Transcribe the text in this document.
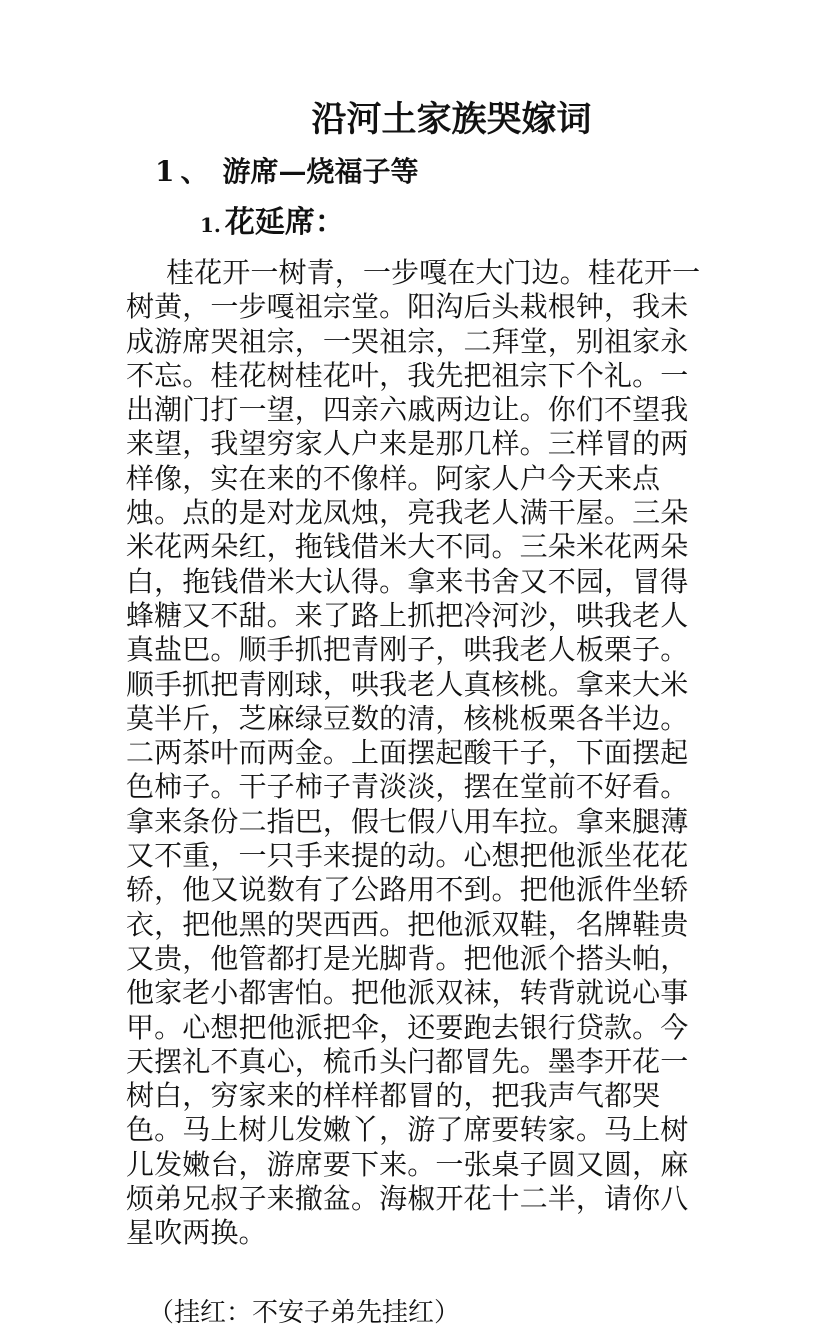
沿河土家族哭嫁词
1 、 游席—烧福子等
1. 花延席：

桂花开一树青，一步嘎在大门边。桂花开一树黄，一步嘎祖宗堂。阳沟后头栽根钟，我未成游席哭祖宗，一哭祖宗，二拜堂，别祖家永不忘。桂花树桂花叶，我先把祖宗下个礼。一出潮门打一望，四亲六戚两边让。你们不望我来望，我望穷家人户来是那几样。三样冒的两样像，实在来的不像样。阿家人户今天来点烛。点的是对龙凤烛，亮我老人满干屋。三朵米花两朵红，拖钱借米大不同。三朵米花两朵白，拖钱借米大认得。拿来书舍又不园，冒得蜂糖又不甜。来了路上抓把冷河沙，哄我老人真盐巴。顺手抓把青刚子，哄我老人板栗子。顺手抓把青刚球，哄我老人真核桃。拿来大米莫半斤，芝麻绿豆数的清，核桃板栗各半边。二两茶叶而两金。上面摆起酸干子，下面摆起色柿子。干子柿子青淡淡，摆在堂前不好看。拿来条份二指巴，假七假八用车拉。拿来腿薄又不重，一只手来提的动。心想把他派坐花花轿，他又说数有了公路用不到。把他派件坐轿衣，把他黑的哭西西。把他派双鞋，名牌鞋贵又贵，他管都打是光脚背。把他派个搭头帕，他家老小都害怕。把他派双袜，转背就说心事甲。心想把他派把伞，还要跑去银行贷款。今天摆礼不真心，梳币头闩都冒先。墨李开花一树白，穷家来的样样都冒的，把我声气都哭色。马上树儿发嫩丫，游了席要转家。马上树儿发嫩台，游席要下来。一张桌子圆又圆，麻烦弟兄叔子来撤盆。海椒开花十二半，请你八星吹两换。

（挂红：不安子弟先挂红）
